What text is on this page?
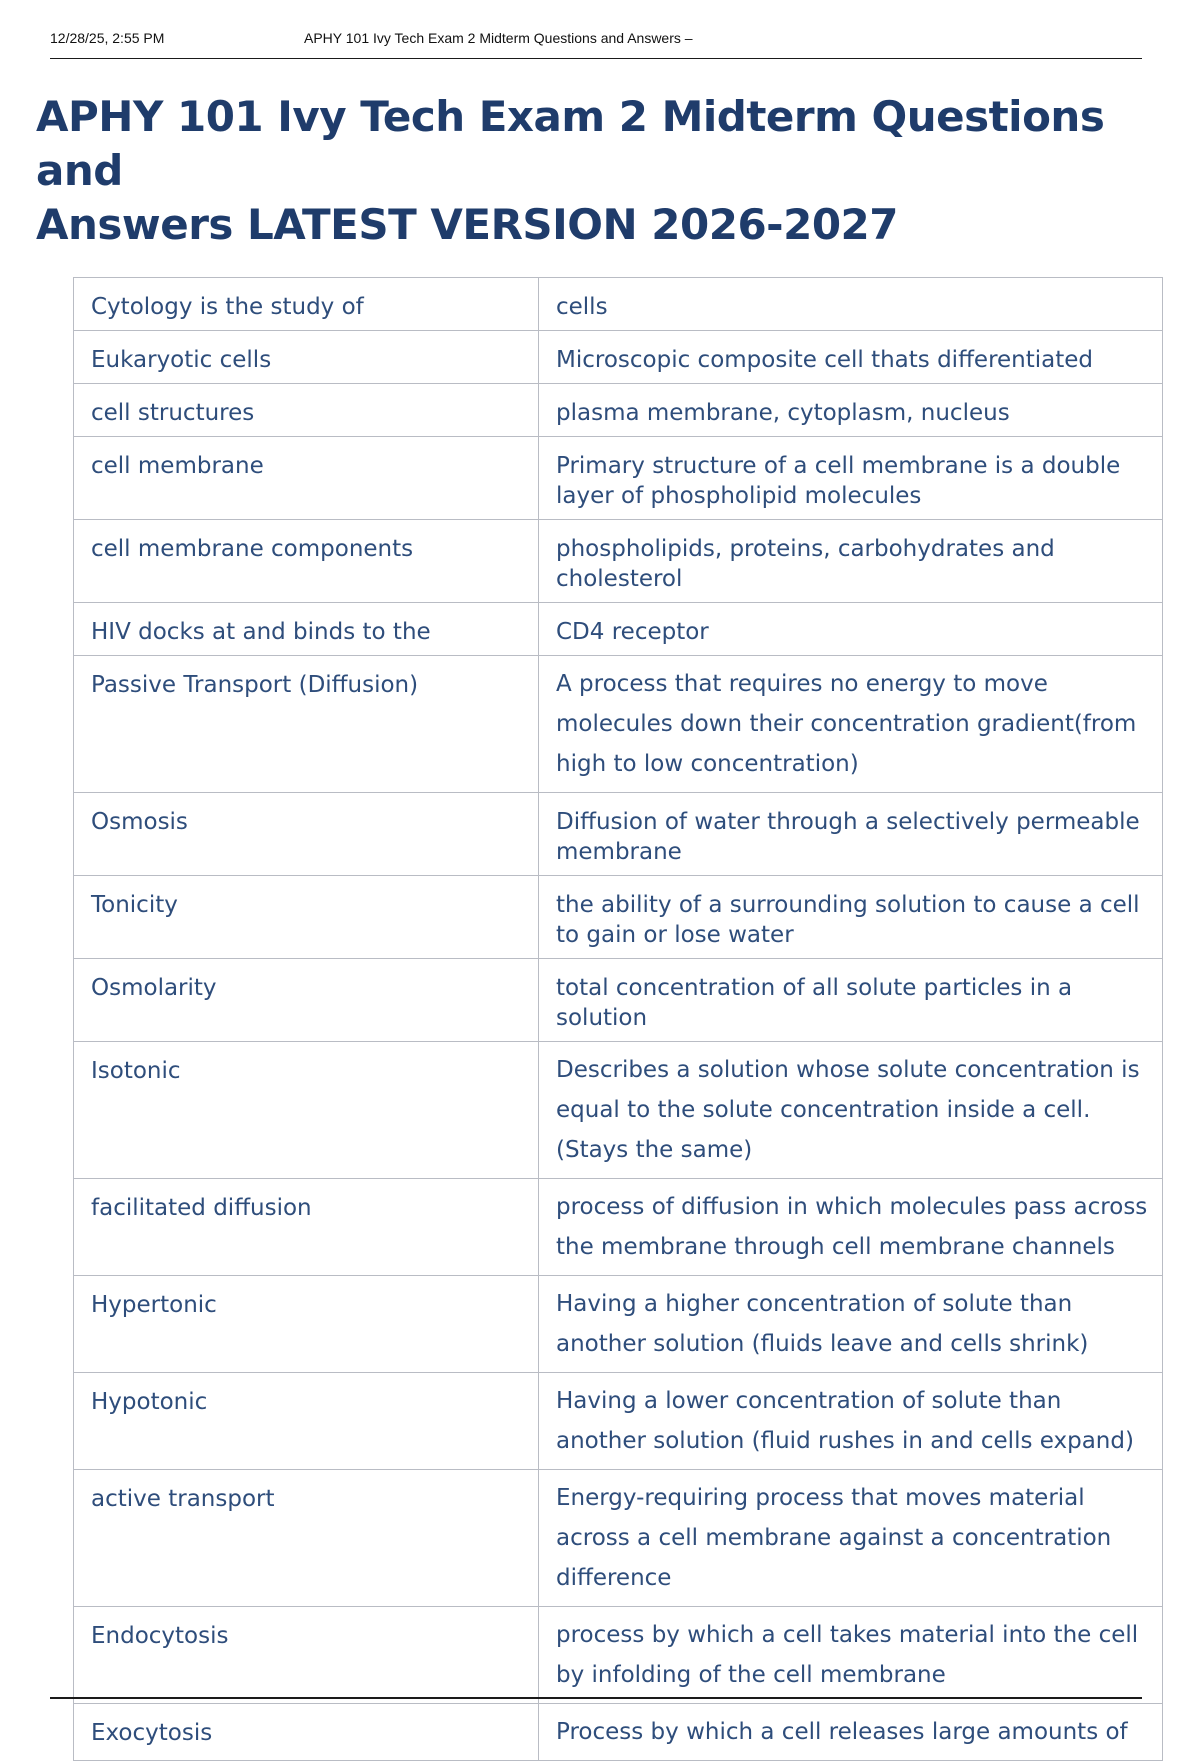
12/28/25, 2:55 PM	APHY 101 Ivy Tech Exam 2 Midterm Questions and Answers –
APHY 101 Ivy Tech Exam 2 Midterm Questions and
Answers LATEST VERSION 2026-2027
Cytology is the study of	cells
Eukaryotic cells	Microscopic composite cell thats differentiated
cell structures	plasma membrane, cytoplasm, nucleus
cell membrane	Primary structure of a cell membrane is a double layer of phospholipid molecules
cell membrane components	phospholipids, proteins, carbohydrates and cholesterol
HIV docks at and binds to the	CD4 receptor
Passive Transport (Diffusion)	A process that requires no energy to move molecules down their concentration gradient(from high to low concentration)
Osmosis	Diffusion of water through a selectively permeable membrane
Tonicity	the ability of a surrounding solution to cause a cell to gain or lose water
Osmolarity	total concentration of all solute particles in a solution
Isotonic	Describes a solution whose solute concentration is equal to the solute concentration inside a cell. (Stays the same)
facilitated diffusion	process of diffusion in which molecules pass across the membrane through cell membrane channels
Hypertonic	Having a higher concentration of solute than another solution (fluids leave and cells shrink)
Hypotonic	Having a lower concentration of solute than another solution (fluid rushes in and cells expand)
active transport	Energy-requiring process that moves material across a cell membrane against a concentration difference
Endocytosis	process by which a cell takes material into the cell by infolding of the cell membrane
Exocytosis	Process by which a cell releases large amounts of
